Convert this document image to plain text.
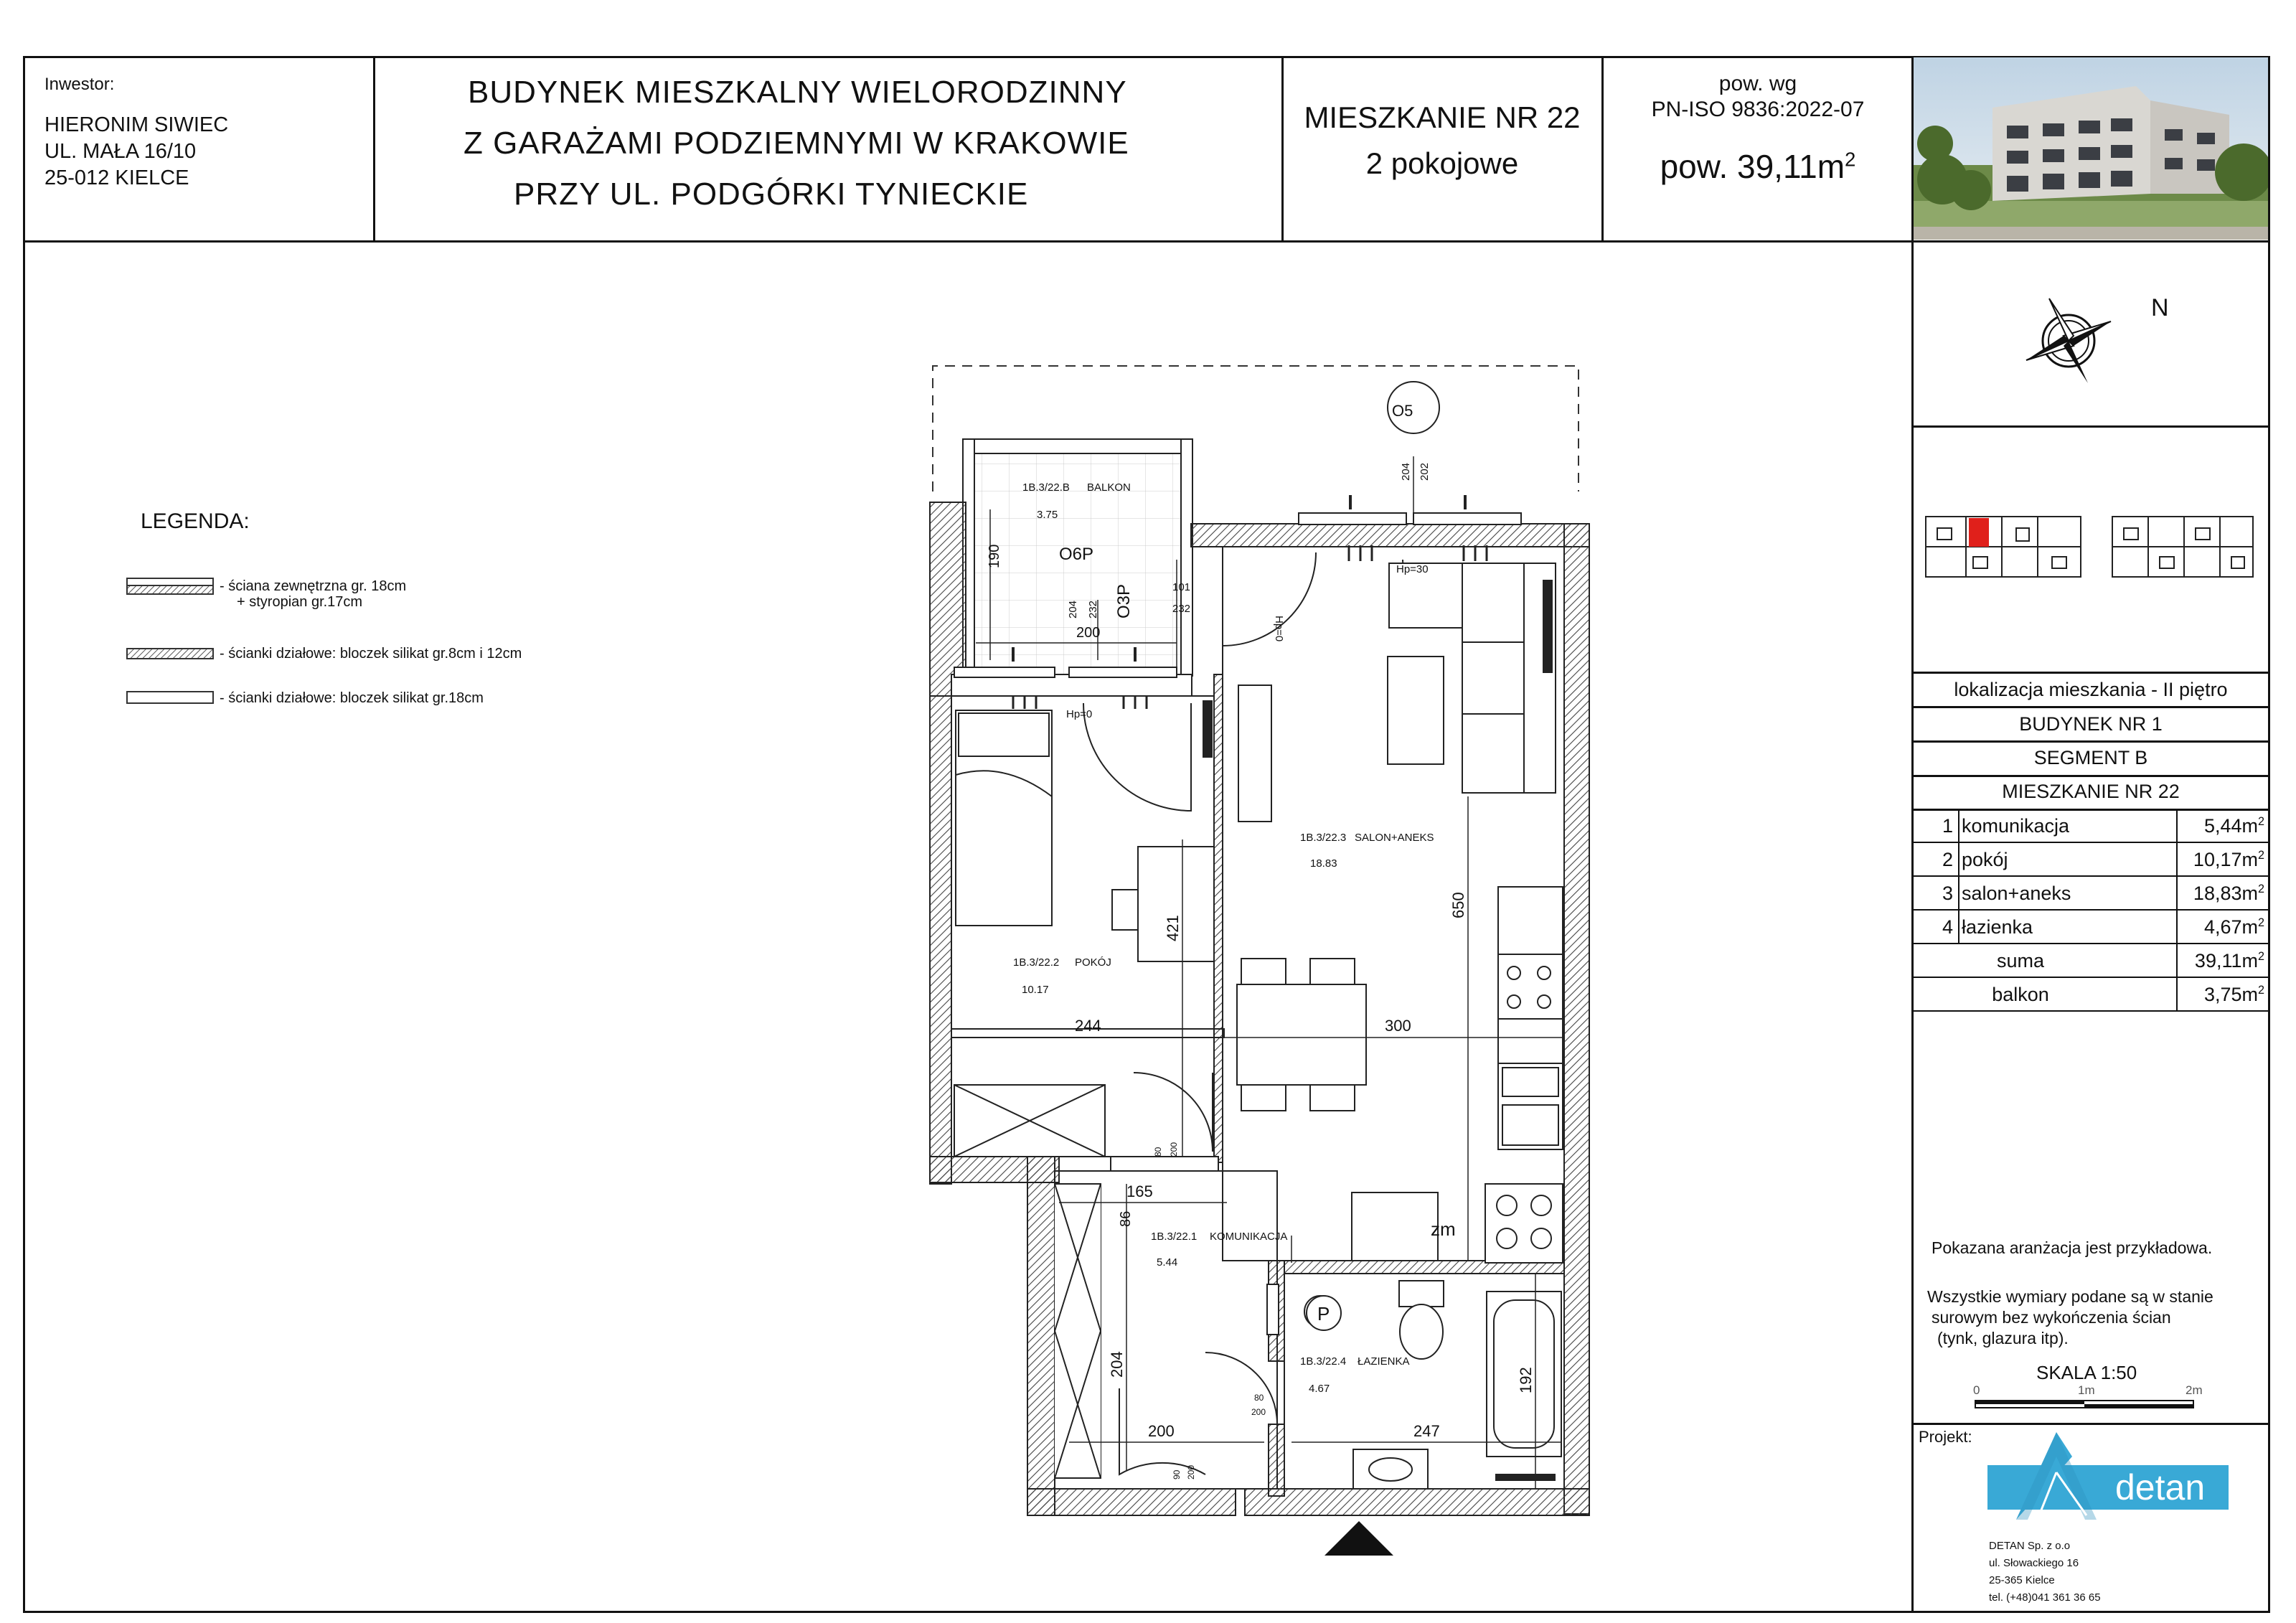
Inwestor:
HIERONIM SIWIEC
UL. MAŁA 16/10
25-012 KIELCE
BUDYNEK MIESZKALNY WIELORODZINNY
Z GARAŻAMI PODZIEMNYMI W KRAKOWIE
PRZY UL. PODGÓRKI TYNIECKIE
MIESZKANIE NR 22
2 pokojowe
pow. wg
PN-ISO 9836:2022-07
pow. $39,11m^2$
N
lokalizacja mieszkania - II piętro
BUDYNEK NR 1
SEGMENT B
MIESZKANIE NR 22
1 komunikacja	$5,44m^2$
2 pokój	$10,17m^2$
3 salon+aneks	$18,83m^2$
4 łazienka	$4,67m^2$
suma	$39,11m^2$
balkon	$3,75m^2$
Pokazana aranżacja jest przykładowa.
Wszystkie wymiary podane są w stanie
surowym bez wykończenia ścian
(tynk, glazura itp).
SKALA 1:50
0	1m	2m
Projekt:
detan
DETAN Sp. z o.o
ul. Słowackiego 16
25-365 Kielce
tel. (+48)041 361 36 65
LEGENDA:
- ściana zewnętrzna gr. 18cm
+ styropian gr.17cm
- ścianki działowe: bloczek silikat gr.8cm i 12cm
- ścianki działowe: bloczek silikat gr.18cm
1B.3/22.B BALKON
3.75
1B.3/22.3 SALON+ANEKS
18.83
1B.3/22.2 POKÓJ
10.17
1B.3/22.1 KOMUNIKACJA
5.44
1B.3/22.4 ŁAZIENKA
4.67
O5
O6P
O3P
zm
P
244	300
165
247
200
200
421
650
192
204
86
190
101
232
204 232
204 202
Hp=30
Hp=0
Hp=0
80 200
80
200
90 200
